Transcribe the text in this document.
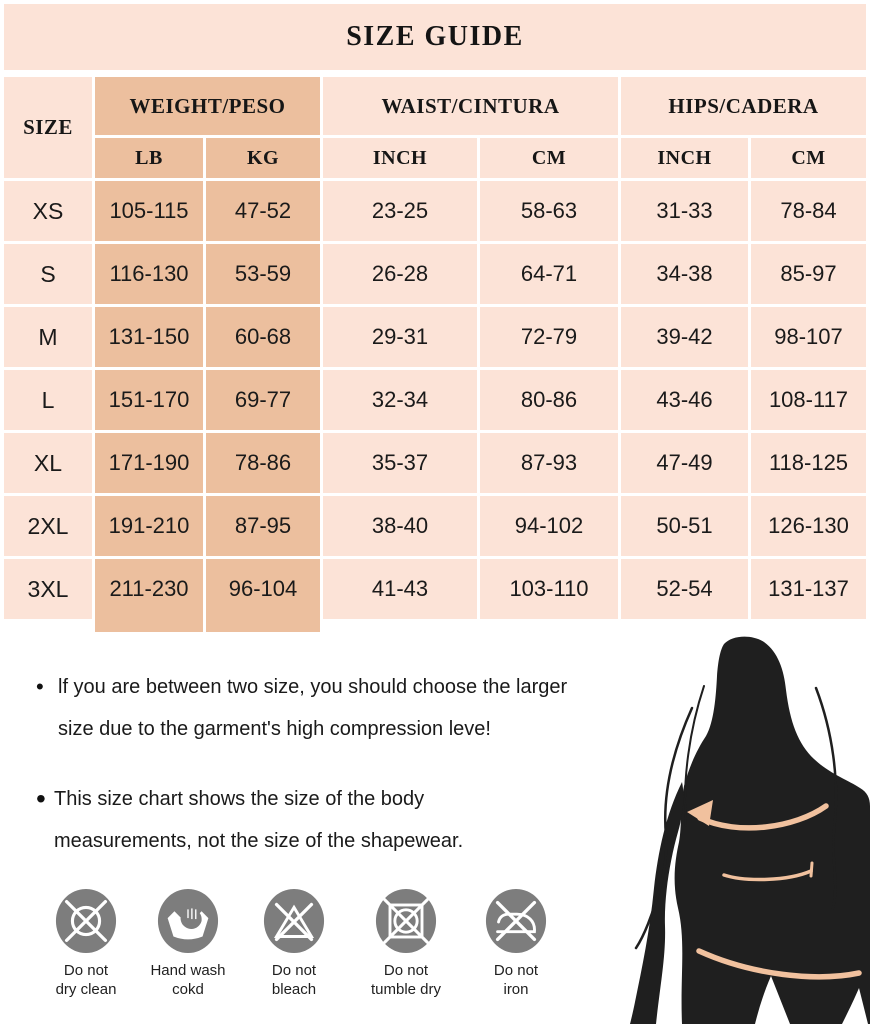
SIZE GUIDE
SIZE
WEIGHT/PESO	WAIST/CINTURA	HIPS/CADERA
LB	KG	INCH	CM	INCH	CM
XS	105-115	47-52	23-25	58-63	31-33	78-84
S	116-130	53-59	26-28	64-71	34-38	85-97
M	131-150	60-68	29-31	72-79	39-42	98-107
L	151-170	69-77	32-34	80-86	43-46	108-117
XL	171-190	78-86	35-37	87-93	47-49	118-125
2XL	191-210	87-95	38-40	94-102	50-51	126-130
3XL	211-230	96-104	41-43	103-110	52-54	131-137
• lf you are between two size, you should choose the larger
size due to the garment's high compression leve!
• This size chart shows the size of the body
measurements, not the size of the shapewear.
Do not
dry clean
Hand wash
cokd
Do not
bleach
Do not
tumble dry
Do not
iron
